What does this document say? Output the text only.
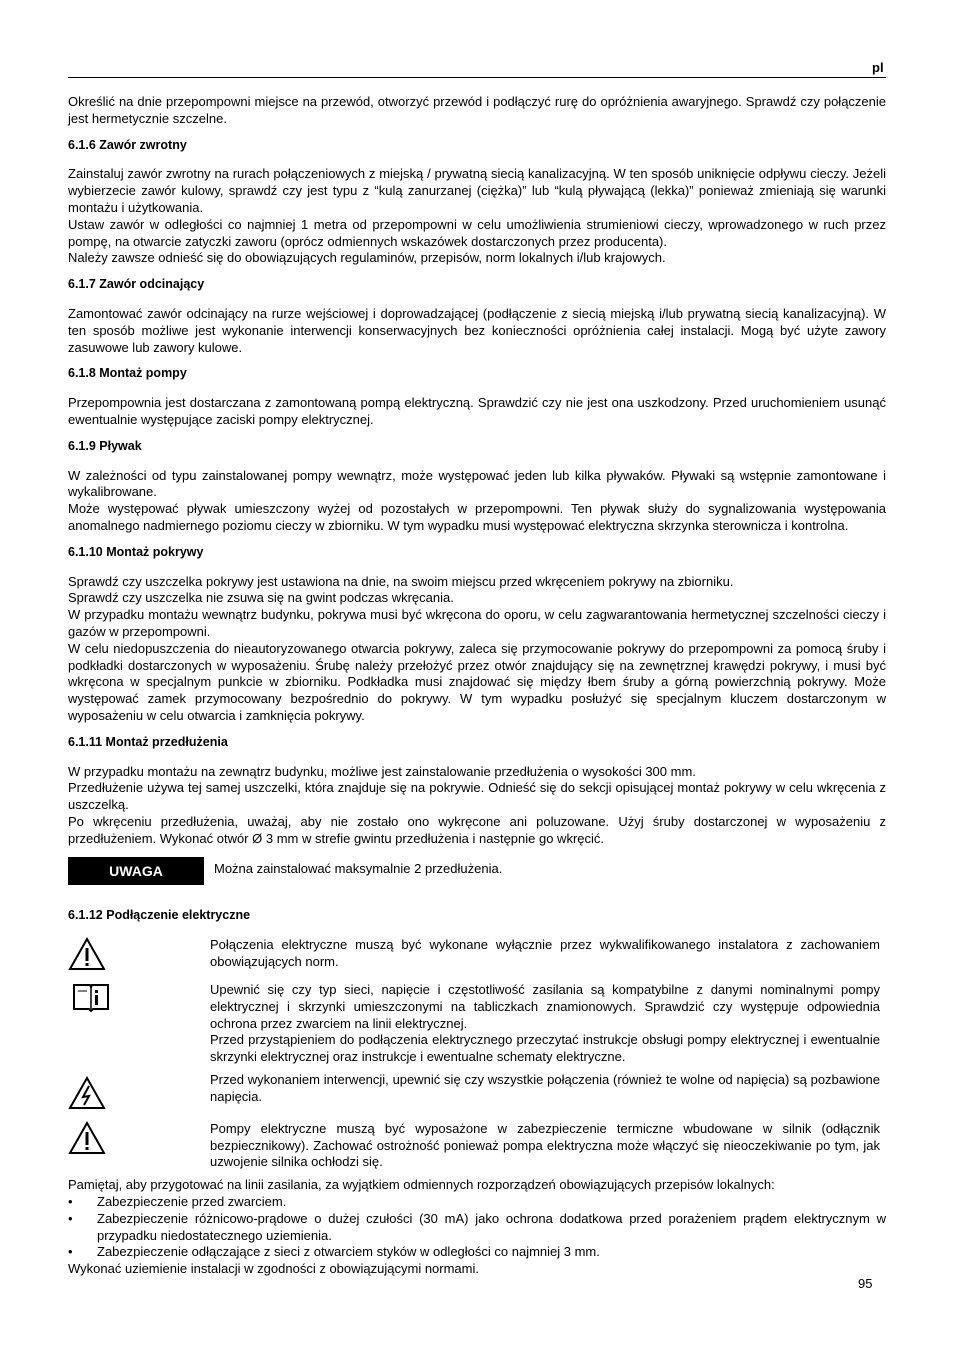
pl

Określić na dnie przepompowni miejsce na przewód, otworzyć przewód i podłączyć rurę do opróżnienia awaryjnego. Sprawdź czy połączenie jest hermetycznie szczelne.

6.1.6 Zawór zwrotny

Zainstaluj zawór zwrotny na rurach połączeniowych z miejską / prywatną siecią kanalizacyjną. W ten sposób uniknięcie odpływu cieczy. Jeżeli wybierzecie zawór kulowy, sprawdź czy jest typu z “kulą zanurzanej (ciężka)” lub “kulą pływającą (lekka)” ponieważ zmieniają się warunki montażu i użytkowania.

Ustaw zawór w odległości co najmniej 1 metra od przepompowni w celu umożliwienia strumieniowi cieczy, wprowadzonego w ruch przez pompę, na otwarcie zatyczki zaworu (oprócz odmiennych wskazówek dostarczonych przez producenta).

Należy zawsze odnieść się do obowiązujących regulaminów, przepisów, norm lokalnych i/lub krajowych.

6.1.7 Zawór odcinający

Zamontować zawór odcinający na rurze wejściowej i doprowadzającej (podłączenie z siecią miejską i/lub prywatną siecią kanalizacyjną). W ten sposób możliwe jest wykonanie interwencji konserwacyjnych bez konieczności opróżnienia całej instalacji. Mogą być użyte zawory zasuwowe lub zawory kulowe.

6.1.8 Montaż pompy

Przepompownia jest dostarczana z zamontowaną pompą elektryczną. Sprawdzić czy nie jest ona uszkodzony. Przed uruchomieniem usunąć ewentualnie występujące zaciski pompy elektrycznej.

6.1.9 Pływak

W zależności od typu zainstalowanej pompy wewnątrz, może występować jeden lub kilka pływaków. Pływaki są wstępnie zamontowane i wykalibrowane.

Może występować pływak umieszczony wyżej od pozostałych w przepompowni. Ten pływak służy do sygnalizowania występowania anomalnego nadmiernego poziomu cieczy w zbiorniku. W tym wypadku musi występować elektryczna skrzynka sterownicza i kontrolna.

6.1.10 Montaż pokrywy

Sprawdź czy uszczelka pokrywy jest ustawiona na dnie, na swoim miejscu przed wkręceniem pokrywy na zbiorniku.

Sprawdź czy uszczelka nie zsuwa się na gwint podczas wkręcania.

W przypadku montażu wewnątrz budynku, pokrywa musi być wkręcona do oporu, w celu zagwarantowania hermetycznej szczelności cieczy i gazów w przepompowni.

W celu niedopuszczenia do nieautoryzowanego otwarcia pokrywy, zaleca się przymocowanie pokrywy do przepompowni za pomocą śruby i podkładki dostarczonych w wyposażeniu. Śrubę należy przełożyć przez otwór znajdujący się na zewnętrznej krawędzi pokrywy, i musi być wkręcona w specjalnym punkcie w zbiorniku. Podkładka musi znajdować się między łbem śruby a górną powierzchnią pokrywy. Może występować zamek przymocowany bezpośrednio do pokrywy. W tym wypadku posłużyć się specjalnym kluczem dostarczonym w wyposażeniu w celu otwarcia i zamknięcia pokrywy.

6.1.11 Montaż przedłużenia

W przypadku montażu na zewnątrz budynku, możliwe jest zainstalowanie przedłużenia o wysokości 300 mm.

Przedłużenie używa tej samej uszczelki, która znajduje się na pokrywie. Odnieść się do sekcji opisującej montaż pokrywy w celu wkręcenia z uszczelką.

Po wkręceniu przedłużenia, uważaj, aby nie zostało ono wykręcone ani poluzowane. Użyj śruby dostarczonej w wyposażeniu z przedłużeniem. Wykonać otwór Ø 3 mm w strefie gwintu przedłużenia i następnie go wkręcić.

UWAGA	Można zainstalować maksymalnie 2 przedłużenia.
6.1.12 Podłączenie elektryczne
Połączenia elektryczne muszą być wykonane wyłącznie przez wykwalifikowanego instalatora z zachowaniem obowiązujących norm.
Upewnić się czy typ sieci, napięcie i częstotliwość zasilania są kompatybilne z danymi nominalnymi pompy elektrycznej i skrzynki umieszczonymi na tabliczkach znamionowych. Sprawdzić czy występuje odpowiednia ochrona przez zwarciem na linii elektrycznej.
Przed przystąpieniem do podłączenia elektrycznego przeczytać instrukcje obsługi pompy elektrycznej i ewentualnie skrzynki elektrycznej oraz instrukcje i ewentualne schematy elektryczne.
Przed wykonaniem interwencji, upewnić się czy wszystkie połączenia (również te wolne od napięcia) są pozbawione napięcia.
Pompy elektryczne muszą być wyposażone w zabezpieczenie termiczne wbudowane w silnik (odłącznik bezpiecznikowy). Zachować ostrożność ponieważ pompa elektryczna może włączyć się nieoczekiwanie po tym, jak uzwojenie silnika ochłodzi się.

Pamiętaj, aby przygotować na linii zasilania, za wyjątkiem odmiennych rozporządzeń obowiązujących przepisów lokalnych:

• Zabezpieczenie przed zwarciem.
• Zabezpieczenie różnicowo-prądowe o dużej czułości (30 mA) jako ochrona dodatkowa przed porażeniem prądem elektrycznym w przypadku niedostatecznego uziemienia.
• Zabezpieczenie odłączające z sieci z otwarciem styków w odległości co najmniej 3 mm.

Wykonać uziemienie instalacji w zgodności z obowiązującymi normami.

95
